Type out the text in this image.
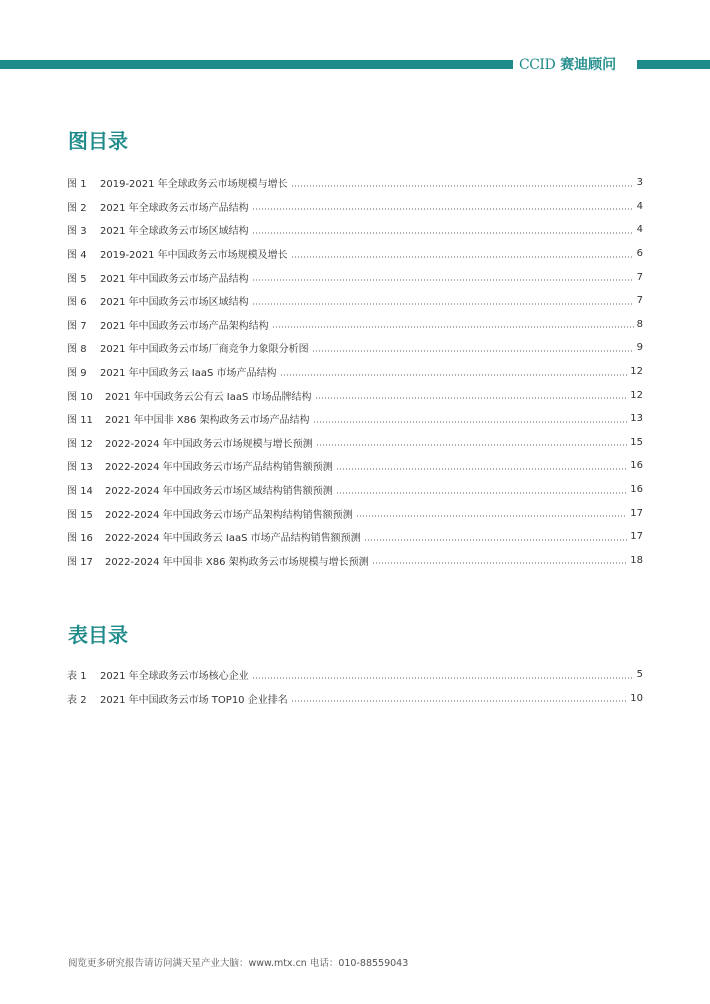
CCID 赛迪顾问
图目录
图 1 2019-2021 年全球政务云市场规模与增长	3
图 2 2021 年全球政务云市场产品结构	4
图 3 2021 年全球政务云市场区域结构	4
图 4 2019-2021 年中国政务云市场规模及增长	6
图 5 2021 年中国政务云市场产品结构	7
图 6 2021 年中国政务云市场区域结构	7
图 7 2021 年中国政务云市场产品架构结构	8
图 8 2021 年中国政务云市场厂商竞争力象限分析图	9
图 9 2021 年中国政务云 IaaS 市场产品结构	12
图 10 2021 年中国政务云公有云 IaaS 市场品牌结构	12
图 11 2021 年中国非 X86 架构政务云市场产品结构	13
图 12 2022-2024 年中国政务云市场规模与增长预测	15
图 13 2022-2024 年中国政务云市场产品结构销售额预测	16
图 14 2022-2024 年中国政务云市场区域结构销售额预测	16
图 15 2022-2024 年中国政务云市场产品架构结构销售额预测	17
图 16 2022-2024 年中国政务云 IaaS 市场产品结构销售额预测	17
图 17 2022-2024 年中国非 X86 架构政务云市场规模与增长预测	18
表目录
表 1 2021 年全球政务云市场核心企业	5
表 2 2021 年中国政务云市场 TOP10 企业排名	10
阅览更多研究报告请访问满天星产业大脑：www.mtx.cn 电话：010-88559043
